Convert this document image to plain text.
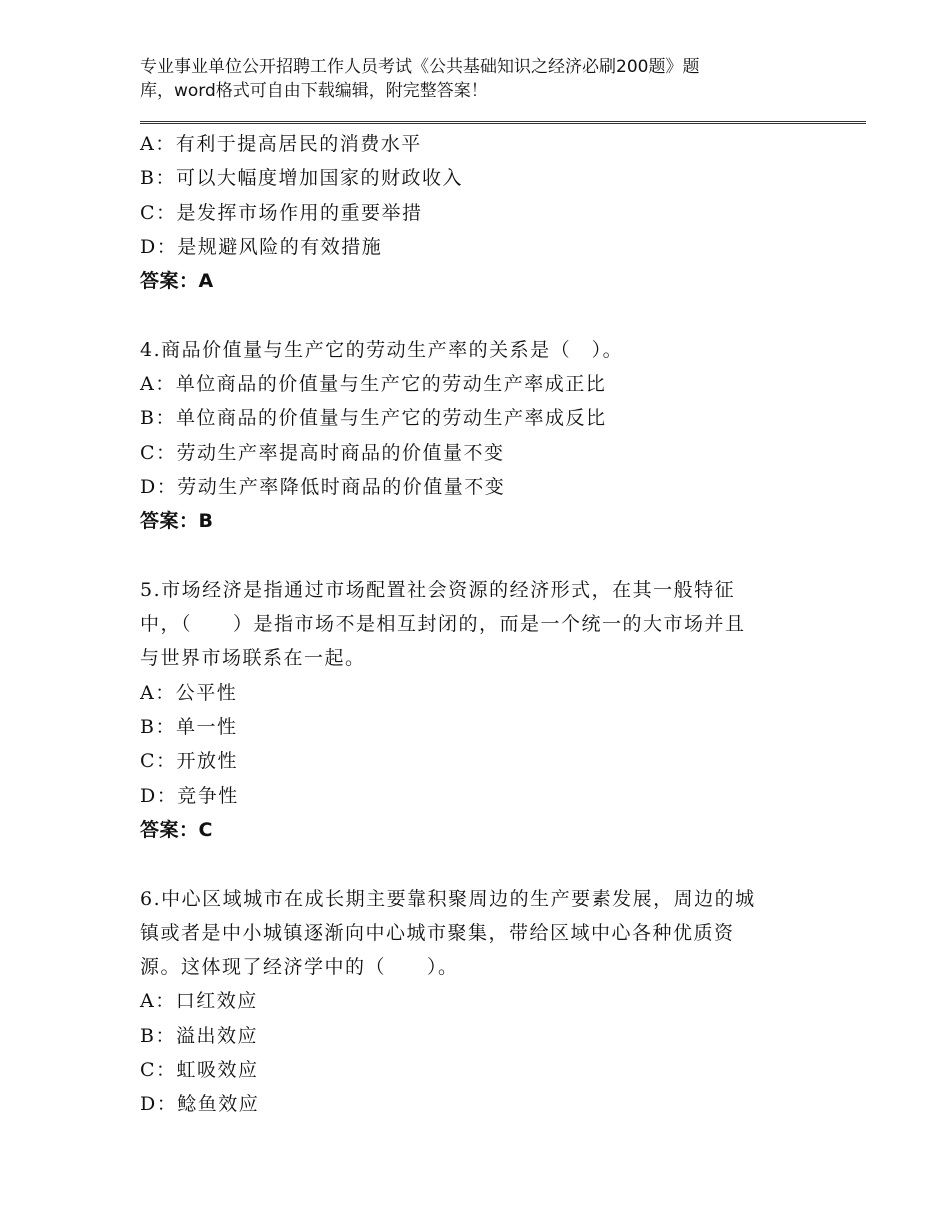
专业事业单位公开招聘工作人员考试《公共基础知识之经济必刷200题》题
库，word格式可自由下载编辑，附完整答案！
A：有利于提高居民的消费水平
B：可以大幅度增加国家的财政收入
C：是发挥市场作用的重要举措
D：是规避风险的有效措施
答案：A
4.商品价值量与生产它的劳动生产率的关系是（　）。
A：单位商品的价值量与生产它的劳动生产率成正比
B：单位商品的价值量与生产它的劳动生产率成反比
C：劳动生产率提高时商品的价值量不变
D：劳动生产率降低时商品的价值量不变
答案：B
5.市场经济是指通过市场配置社会资源的经济形式，在其一般特征
中，（　　）是指市场不是相互封闭的，而是一个统一的大市场并且
与世界市场联系在一起。
A：公平性
B：单一性
C：开放性
D：竞争性
答案：C
6.中心区域城市在成长期主要靠积聚周边的生产要素发展，周边的城
镇或者是中小城镇逐渐向中心城市聚集，带给区域中心各种优质资
源。这体现了经济学中的（　　）。
A：口红效应
B：溢出效应
C：虹吸效应
D：鲶鱼效应
